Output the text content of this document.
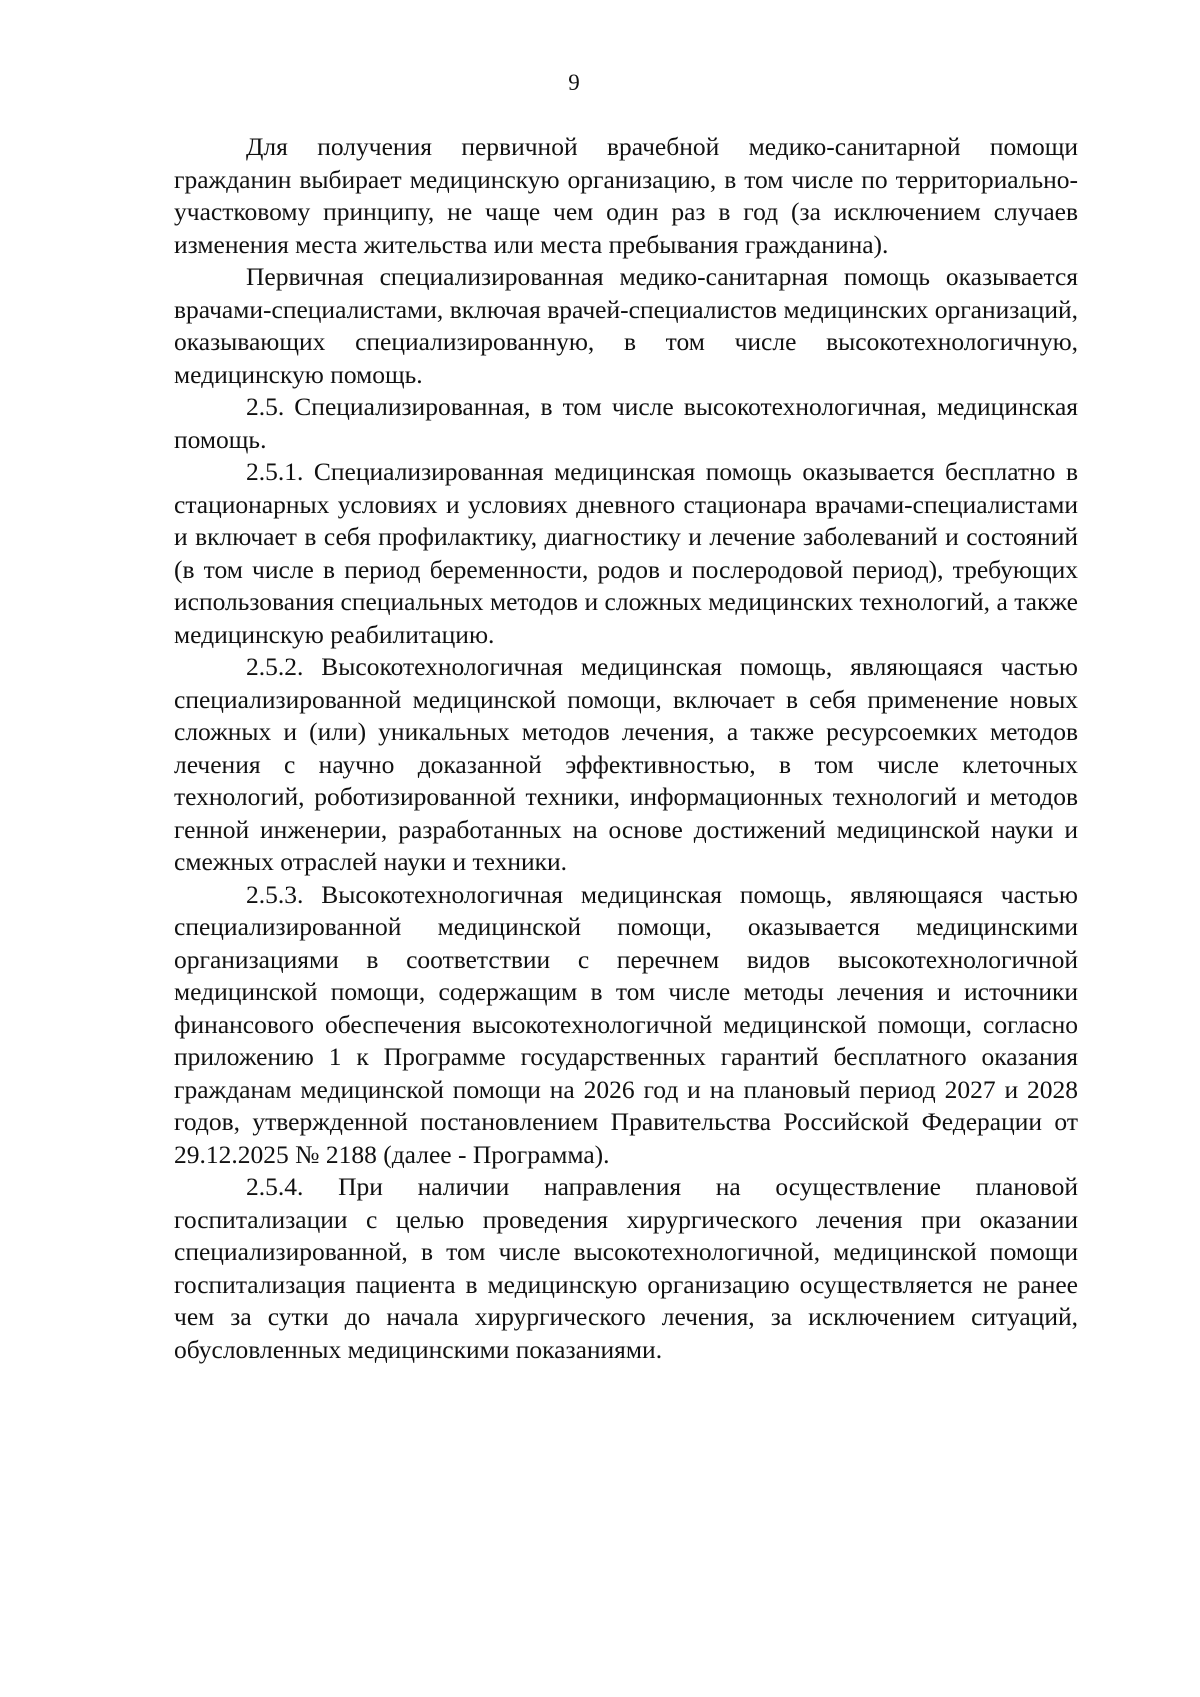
9

Для получения первичной врачебной медико-санитарной помощи гражданин выбирает медицинскую организацию, в том числе по территориально-участковому принципу, не чаще чем один раз в год (за исключением случаев изменения места жительства или места пребывания гражданина).

Первичная специализированная медико-санитарная помощь оказывается врачами-специалистами, включая врачей-специалистов медицинских организаций, оказывающих специализированную, в том числе высокотехнологичную, медицинскую помощь.

2.5. Специализированная, в том числе высокотехнологичная, медицинская помощь.

2.5.1. Специализированная медицинская помощь оказывается бесплатно в стационарных условиях и условиях дневного стационара врачами-специалистами и включает в себя профилактику, диагностику и лечение заболеваний и состояний (в том числе в период беременности, родов и послеродовой период), требующих использования специальных методов и сложных медицинских технологий, а также медицинскую реабилитацию.

2.5.2. Высокотехнологичная медицинская помощь, являющаяся частью специализированной медицинской помощи, включает в себя применение новых сложных и (или) уникальных методов лечения, а также ресурсоемких методов лечения с научно доказанной эффективностью, в том числе клеточных технологий, роботизированной техники, информационных технологий и методов генной инженерии, разработанных на основе достижений медицинской науки и смежных отраслей науки и техники.

2.5.3. Высокотехнологичная медицинская помощь, являющаяся частью специализированной медицинской помощи, оказывается медицинскими организациями в соответствии с перечнем видов высокотехнологичной медицинской помощи, содержащим в том числе методы лечения и источники финансового обеспечения высокотехнологичной медицинской помощи, согласно приложению 1 к Программе государственных гарантий бесплатного оказания гражданам медицинской помощи на 2026 год и на плановый период 2027 и 2028 годов, утвержденной постановлением Правительства Российской Федерации от 29.12.2025 № 2188 (далее - Программа).

2.5.4. При наличии направления на осуществление плановой госпитализации с целью проведения хирургического лечения при оказании специализированной, в том числе высокотехнологичной, медицинской помощи госпитализация пациента в медицинскую организацию осуществляется не ранее чем за сутки до начала хирургического лечения, за исключением ситуаций, обусловленных медицинскими показаниями.
